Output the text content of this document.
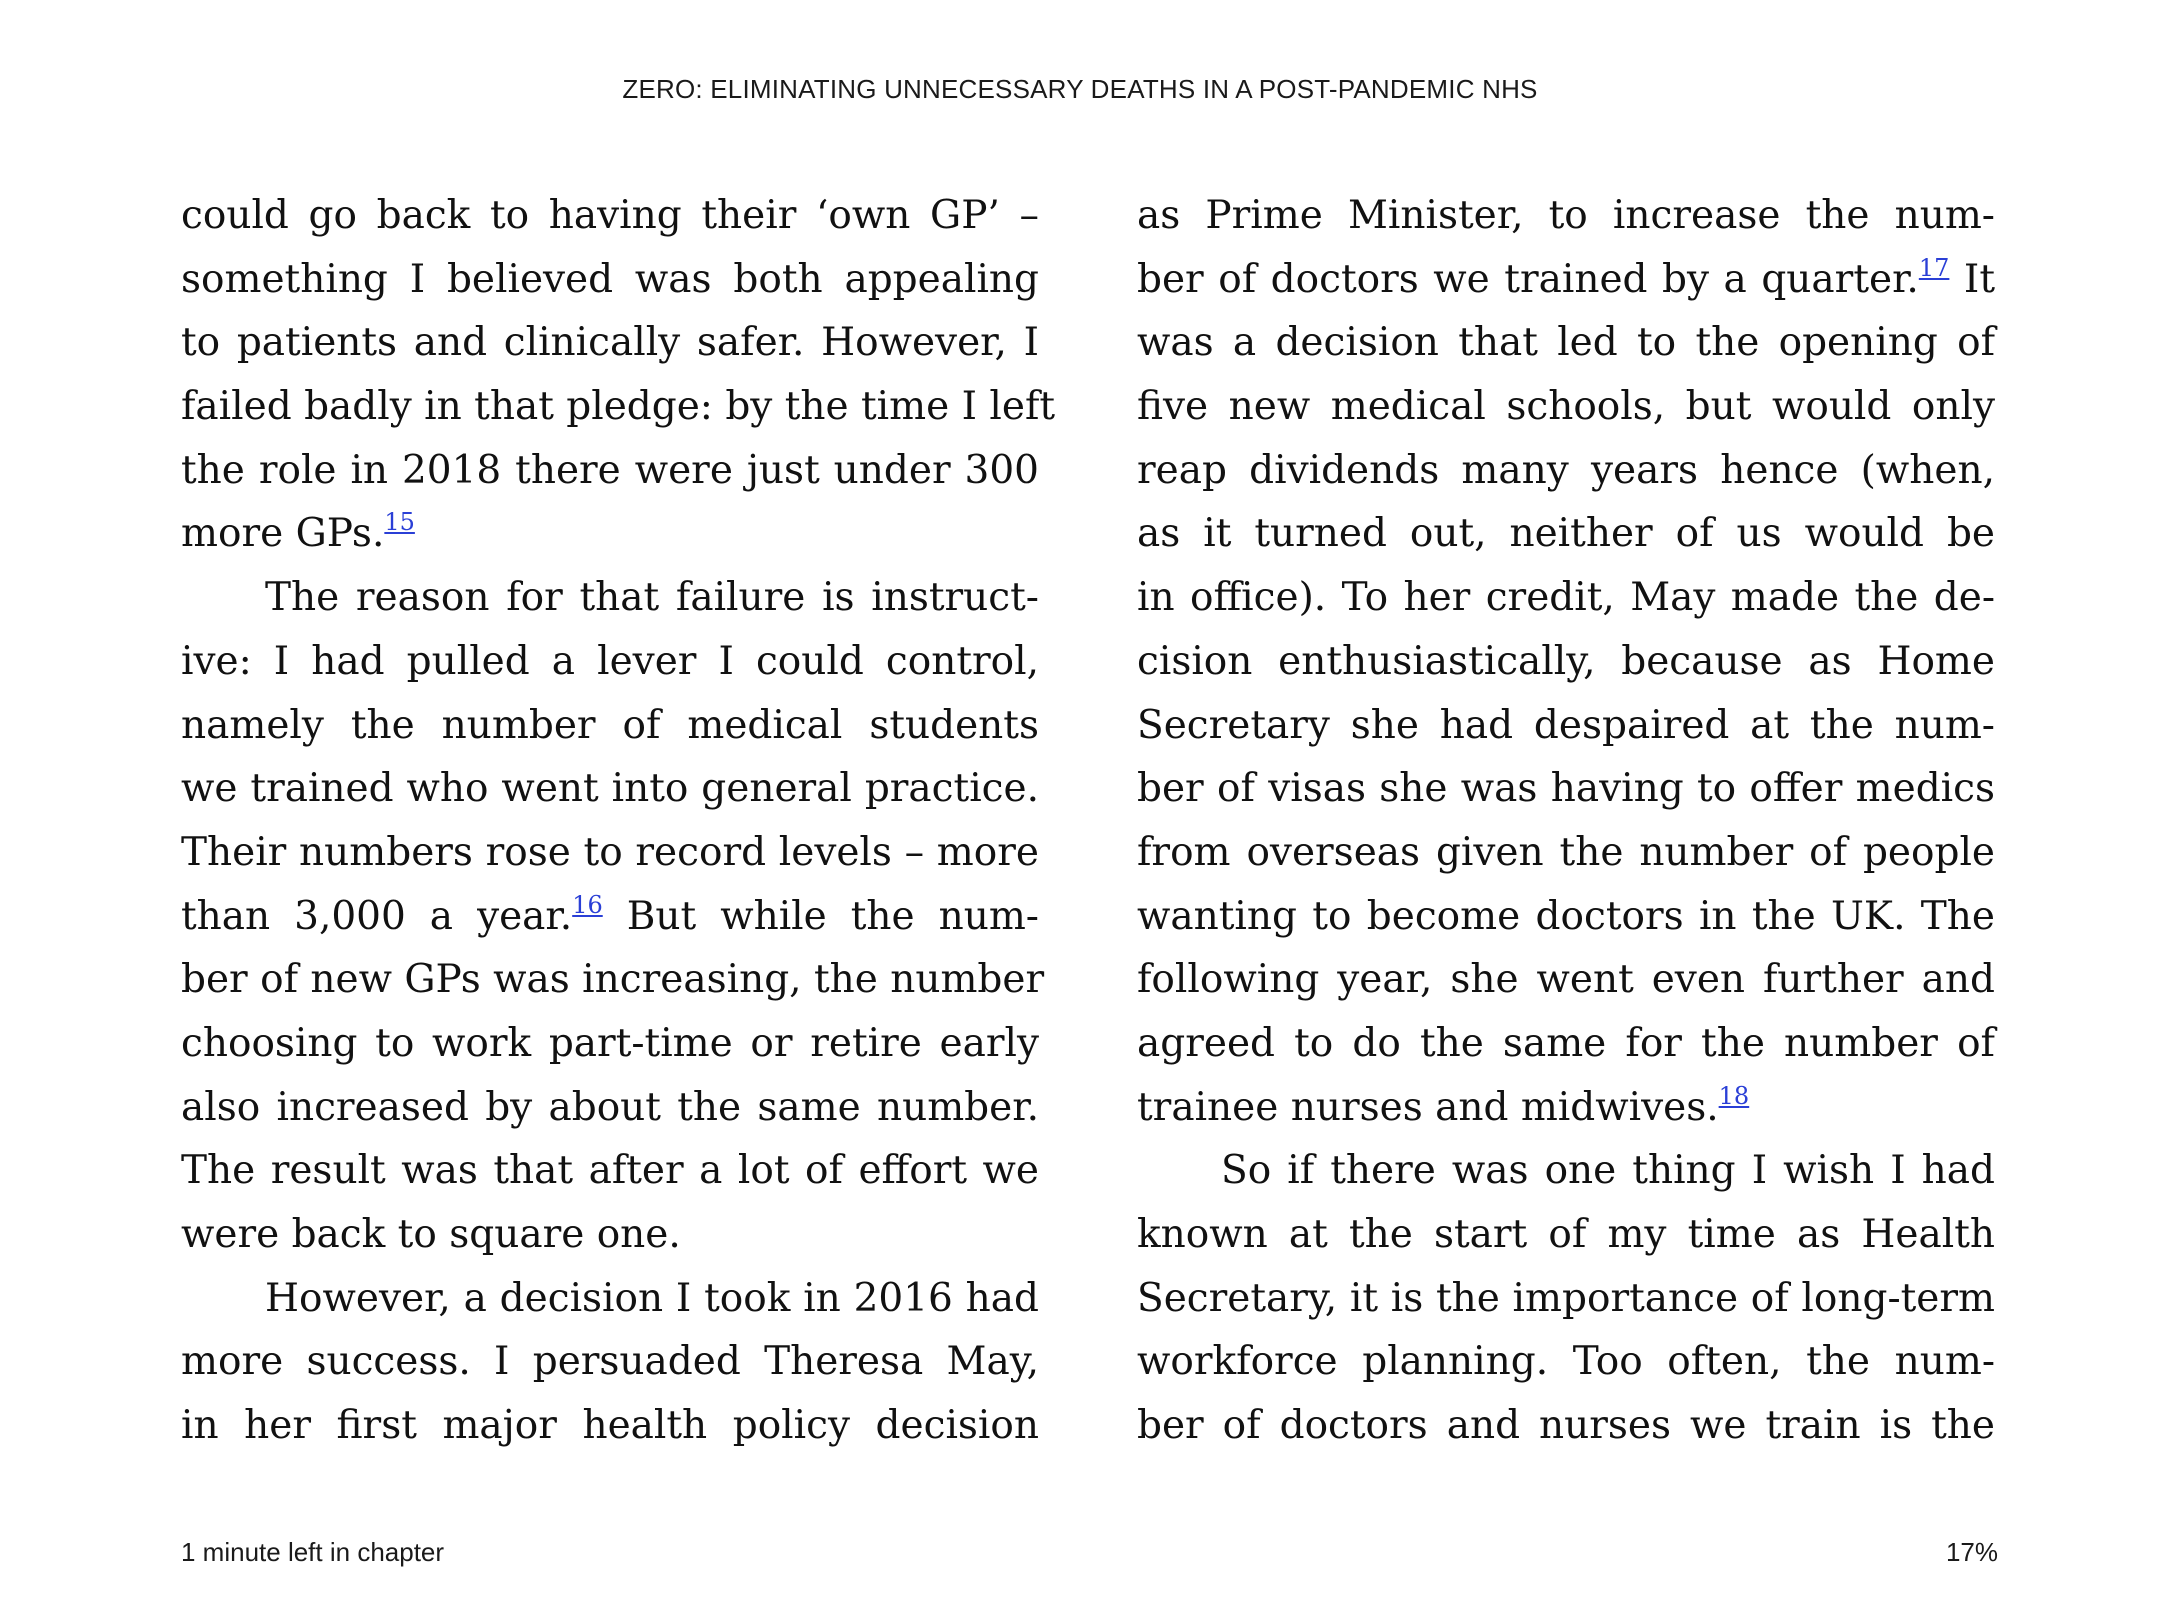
ZERO: ELIMINATING UNNECESSARY DEATHS IN A POST-PANDEMIC NHS
could go back to having their ‘own GP’ –
something I believed was both appealing
to patients and clinically safer. However, I
failed badly in that pledge: by the time I left
the role in 2018 there were just under 300
more GPs.$^{15}$
The reason for that failure is instruct-
ive: I had pulled a lever I could control,
namely the number of medical students
we trained who went into general practice.
Their numbers rose to record levels – more
than 3,000 a year.$^{16}$ But while the num-
ber of new GPs was increasing, the number
choosing to work part-time or retire early
also increased by about the same number.
The result was that after a lot of effort we
were back to square one.
However, a decision I took in 2016 had
more success. I persuaded Theresa May,
in her first major health policy decision
as Prime Minister, to increase the num-
ber of doctors we trained by a quarter.$^{17}$ It
was a decision that led to the opening of
five new medical schools, but would only
reap dividends many years hence (when,
as it turned out, neither of us would be
in office). To her credit, May made the de-
cision enthusiastically, because as Home
Secretary she had despaired at the num-
ber of visas she was having to offer medics
from overseas given the number of people
wanting to become doctors in the UK. The
following year, she went even further and
agreed to do the same for the number of
trainee nurses and midwives.$^{18}$
So if there was one thing I wish I had
known at the start of my time as Health
Secretary, it is the importance of long-term
workforce planning. Too often, the num-
ber of doctors and nurses we train is the
1 minute left in chapter	17%
